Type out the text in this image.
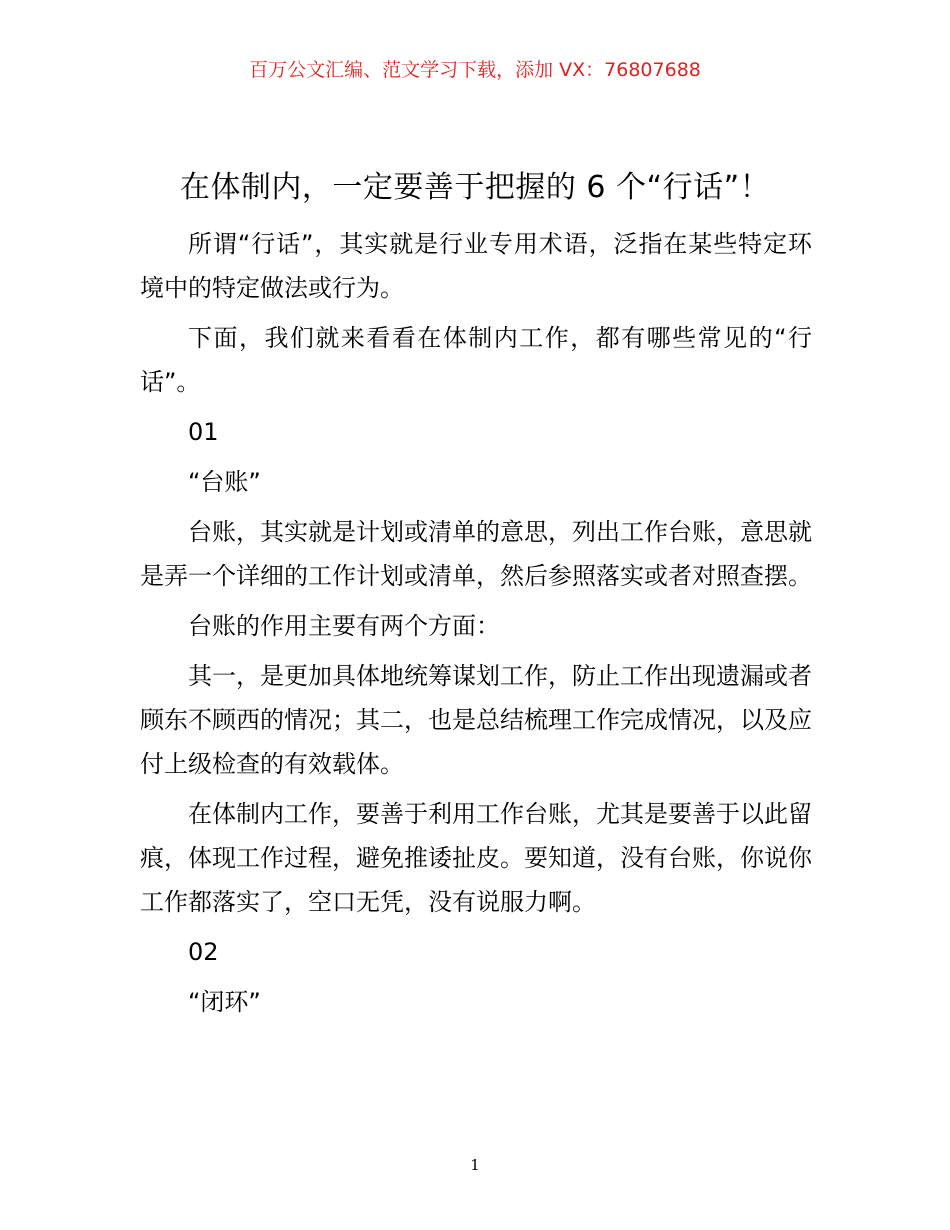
百万公文汇编、范文学习下载，添加 VX：76807688
在体制内，一定要善于把握的 6 个“行话”！

所谓“行话”，其实就是行业专用术语，泛指在某些特定环境中的特定做法或行为。

下面，我们就来看看在体制内工作，都有哪些常见的“行话”。

01

“台账”

台账，其实就是计划或清单的意思，列出工作台账，意思就是弄一个详细的工作计划或清单，然后参照落实或者对照查摆。

台账的作用主要有两个方面：

其一，是更加具体地统筹谋划工作，防止工作出现遗漏或者顾东不顾西的情况；其二，也是总结梳理工作完成情况，以及应付上级检查的有效载体。

在体制内工作，要善于利用工作台账，尤其是要善于以此留痕，体现工作过程，避免推诿扯皮。要知道，没有台账，你说你工作都落实了，空口无凭，没有说服力啊。

02

“闭环”

1
